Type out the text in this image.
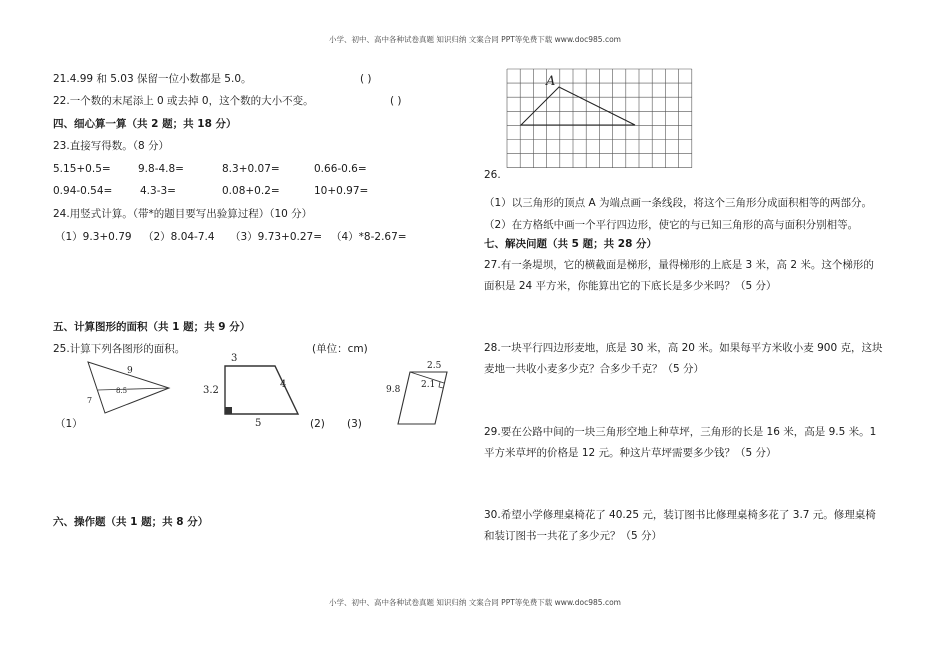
小学、初中、高中各种试卷真题 知识归纳 文案合同 PPT等免费下载 www.doc985.com
21.4.99 和 5.03 保留一位小数都是 5.0。	( )
22.一个数的末尾添上 0 或去掉 0，这个数的大小不变。	( )
四、细心算一算（共 2 题；共 18 分）
23.直接写得数。（8 分）
5.15+0.5=	9.8-4.8=	8.3+0.07=	0.66-0.6=
0.94-0.54=	4.3-3=	0.08+0.2=	10+0.97=
24.用竖式计算。（带*的题目要写出验算过程）（10 分）
（1）9.3+0.79 （2）8.04-7.4 （3）9.73+0.27= （4）*8-2.67=
五、计算图形的面积（共 1 题；共 9 分）
25.计算下列各图形的面积。	(单位：cm)
9
8.5
7
（1）
3
3.2
4
5	(2) (3)
2.5
9.8 2.1
六、操作题（共 1 题；共 8 分）
A
26.
（1）以三角形的顶点 A 为端点画一条线段，将这个三角形分成面积相等的两部分。
（2）在方格纸中画一个平行四边形，使它的与已知三角形的高与面积分别相等。
七、解决问题（共 5 题；共 28 分）
27.有一条堤坝，它的横截面是梯形，量得梯形的上底是 3 米，高 2 米。这个梯形的
面积是 24 平方米，你能算出它的下底长是多少米吗？（5 分）
28.一块平行四边形麦地，底是 30 米，高 20 米。如果每平方米收小麦 900 克，这块
麦地一共收小麦多少克？合多少千克？（5 分）
29.要在公路中间的一块三角形空地上种草坪，三角形的长是 16 米，高是 9.5 米。1
平方米草坪的价格是 12 元。种这片草坪需要多少钱？（5 分）
30.希望小学修理桌椅花了 40.25 元，装订图书比修理桌椅多花了 3.7 元。修理桌椅
和装订图书一共花了多少元？（5 分）
小学、初中、高中各种试卷真题 知识归纳 文案合同 PPT等免费下载 www.doc985.com
